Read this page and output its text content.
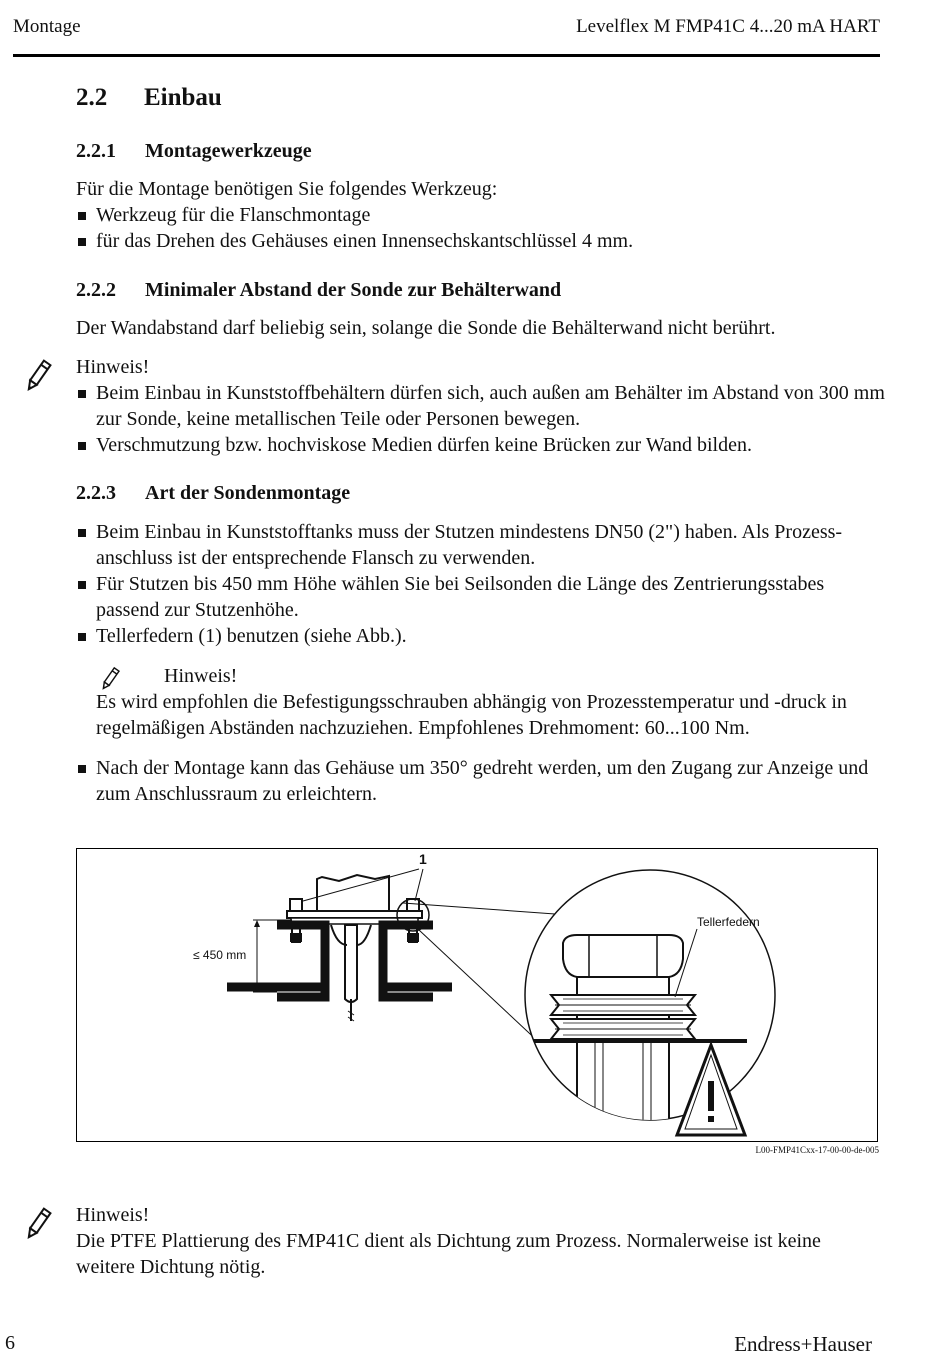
Montage	Levelflex M FMP41C 4...20 mA HART
2.2 Einbau
2.2.1 Montagewerkzeuge

Für die Montage benötigen Sie folgendes Werkzeug:

Werkzeug für die Flanschmontage
für das Drehen des Gehäuses einen Innensechskantschlüssel 4 mm.
2.2.2 Minimaler Abstand der Sonde zur Behälterwand

Der Wandabstand darf beliebig sein, solange die Sonde die Behälterwand nicht berührt.

Hinweis!

Beim Einbau in Kunststoffbehältern dürfen sich, auch außen am Behälter im Abstand von 300 mm zur Sonde, keine metallischen Teile oder Personen bewegen.
Verschmutzung bzw. hochviskose Medien dürfen keine Brücken zur Wand bilden.
2.2.3 Art der Sondenmontage
Beim Einbau in Kunststofftanks muss der Stutzen mindestens DN50 (2") haben. Als Prozess-anschluss ist der entsprechende Flansch zu verwenden.
Für Stutzen bis 450 mm Höhe wählen Sie bei Seilsonden die Länge des Zentrierungsstabes passend zur Stutzenhöhe.
Tellerfedern (1) benutzen (siehe Abb.).

Hinweis!

Es wird empfohlen die Befestigungsschrauben abhängig von Prozesstemperatur und -druck in regelmäßigen Abständen nachzuziehen. Empfohlenes Drehmoment: 60...100 Nm.

Nach der Montage kann das Gehäuse um 350° gedreht werden, um den Zugang zur Anzeige und zum Anschlussraum zu erleichtern.
1
≤ 450 mm
Tellerfedern
L00-FMP41Cxx-17-00-00-de-005

Hinweis!

Die PTFE Plattierung des FMP41C dient als Dichtung zum Prozess. Normalerweise ist keine weitere Dichtung nötig.

6	Endress+Hauser
